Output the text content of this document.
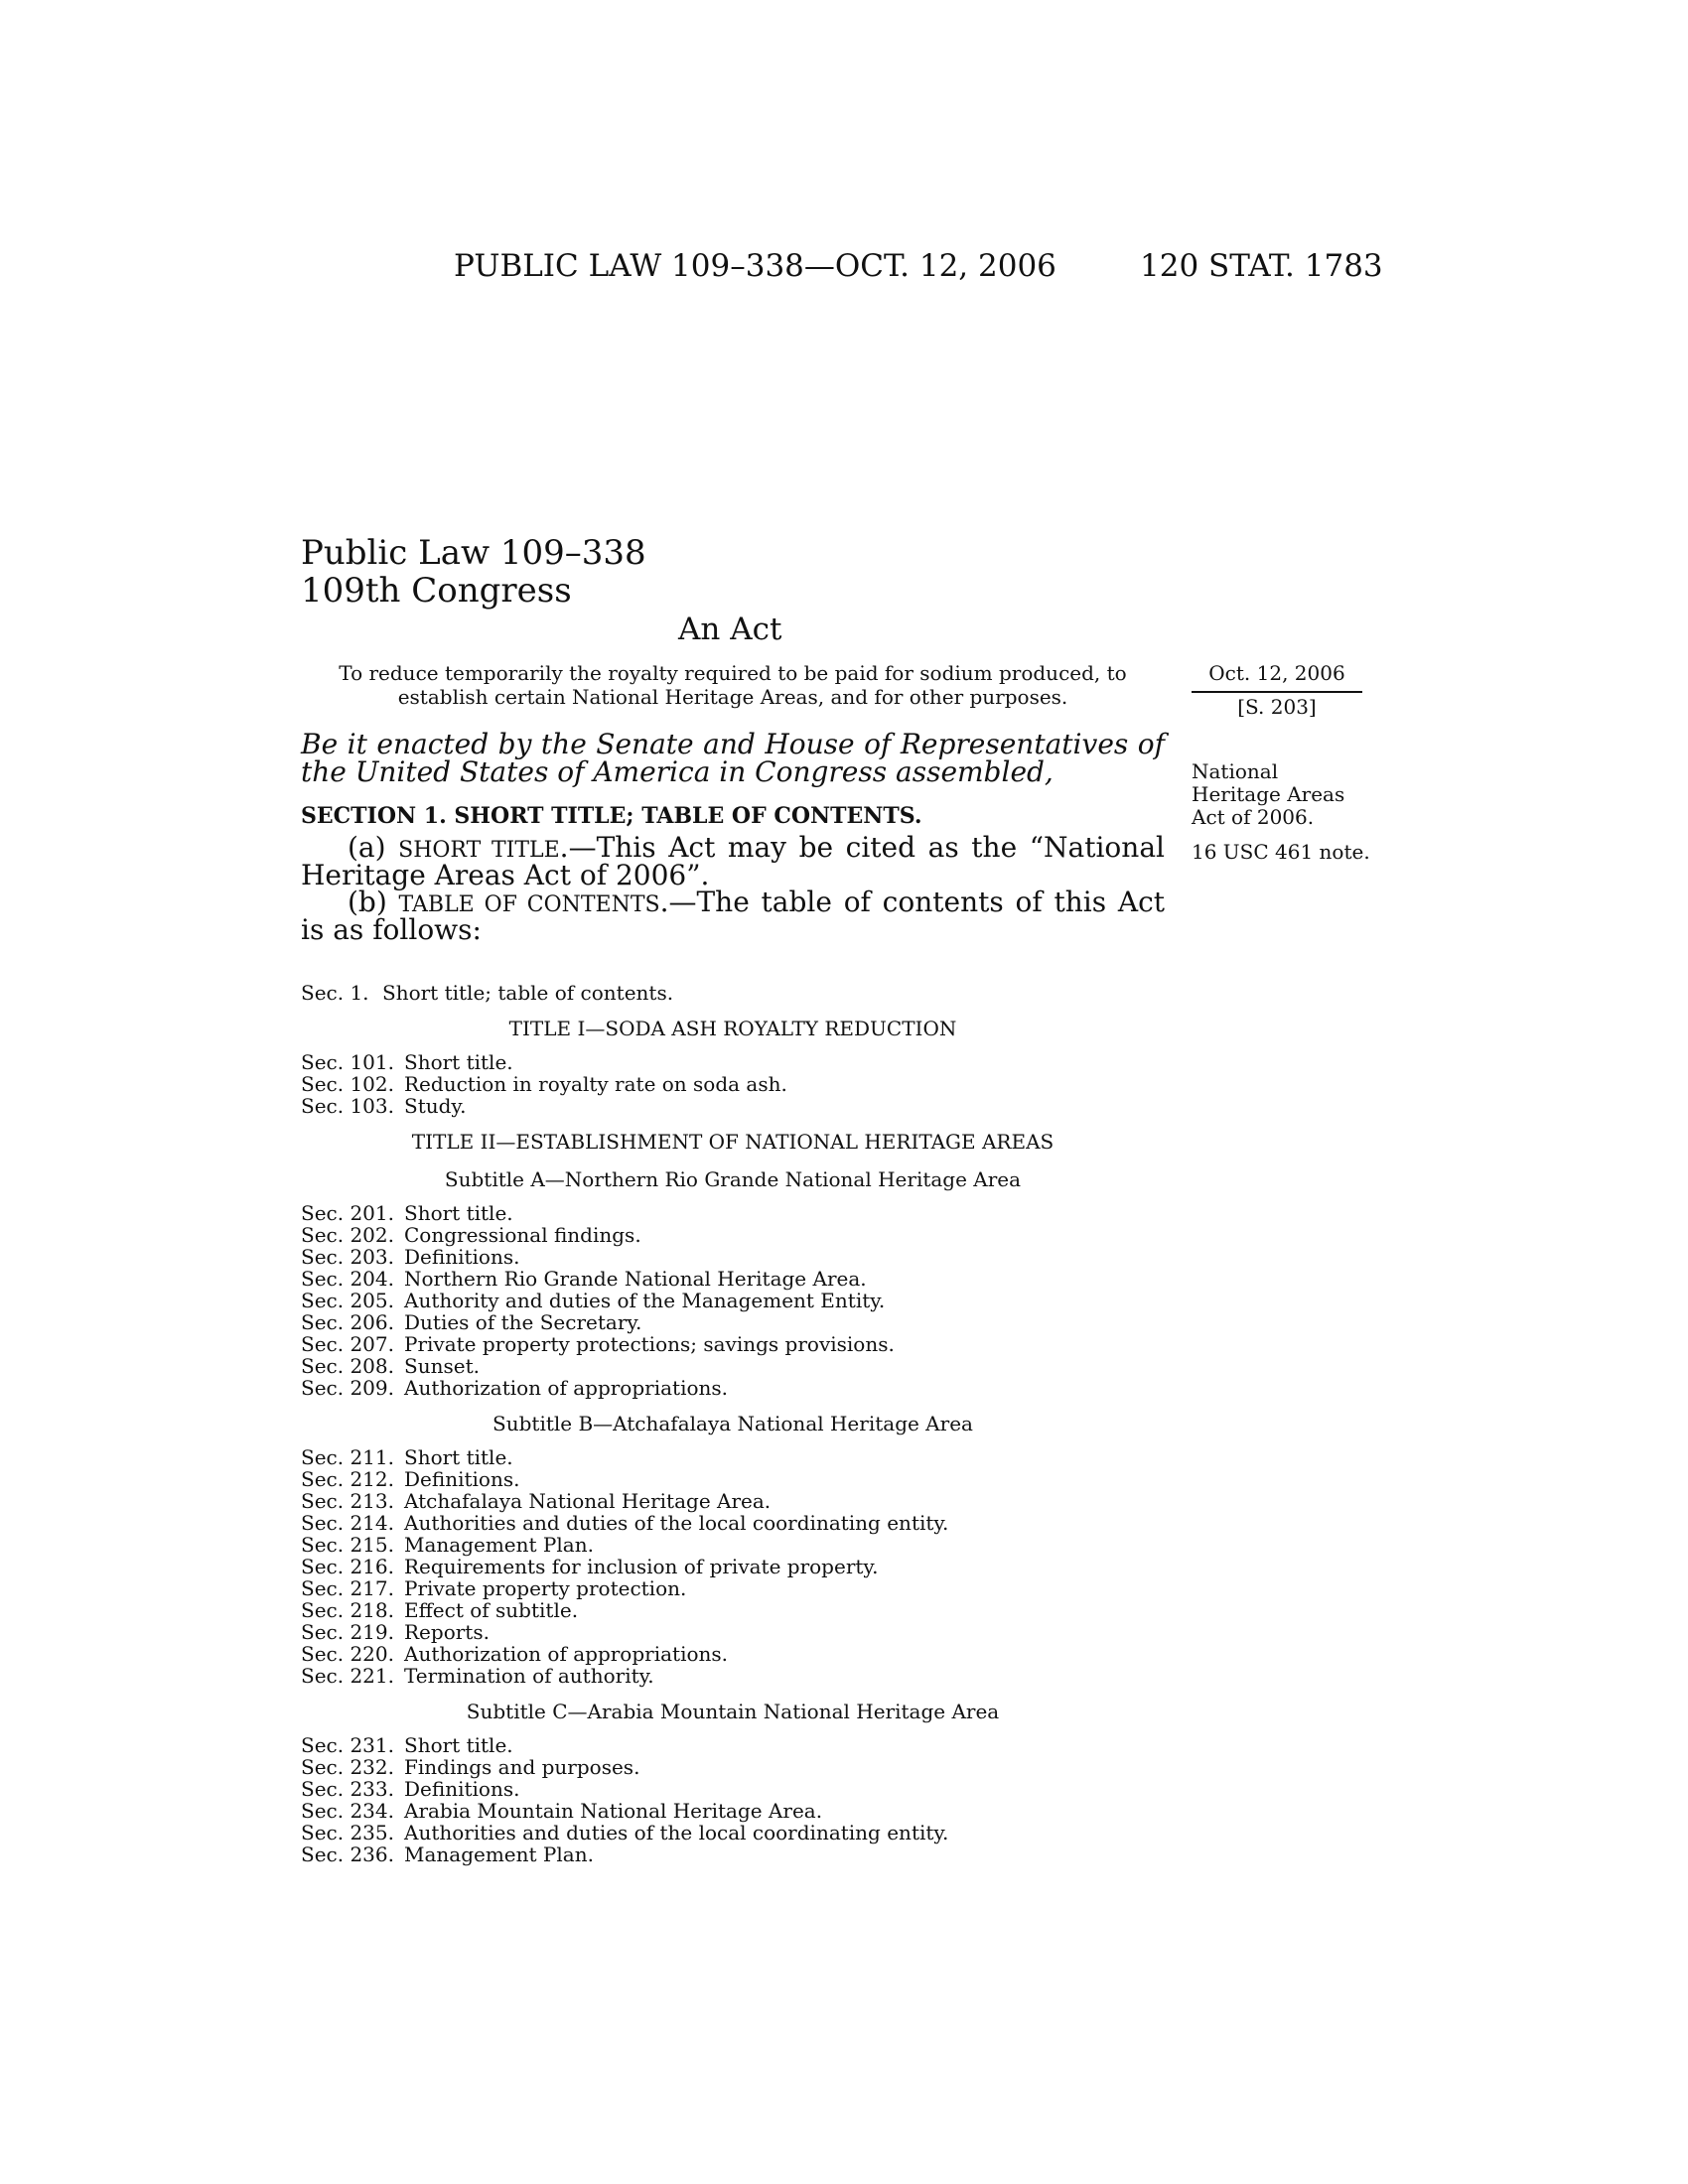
PUBLIC LAW 109–338—OCT. 12, 2006	120 STAT. 1783
Public Law 109–338
109th Congress
An Act
To reduce temporarily the royalty required to be paid for sodium produced, to
establish certain National Heritage Areas, and for other purposes.
Oct. 12, 2006
[S. 203]
National
Heritage Areas
Act of 2006.
16 USC 461 note.
Be it enacted by the Senate and House of Representatives of
the United States of America in Congress assembled,
SECTION 1. SHORT TITLE; TABLE OF CONTENTS.
(a) SHORT TITLE.—This Act may be cited as the “National
Heritage Areas Act of 2006”.
(b) TABLE OF CONTENTS.—The table of contents of this Act
is as follows:
Sec. 1. Short title; table of contents.
TITLE I—SODA ASH ROYALTY REDUCTION
Sec. 101. Short title.
Sec. 102. Reduction in royalty rate on soda ash.
Sec. 103. Study.
TITLE II—ESTABLISHMENT OF NATIONAL HERITAGE AREAS
Subtitle A—Northern Rio Grande National Heritage Area
Sec. 201. Short title.
Sec. 202. Congressional findings.
Sec. 203. Definitions.
Sec. 204. Northern Rio Grande National Heritage Area.
Sec. 205. Authority and duties of the Management Entity.
Sec. 206. Duties of the Secretary.
Sec. 207. Private property protections; savings provisions.
Sec. 208. Sunset.
Sec. 209. Authorization of appropriations.
Subtitle B—Atchafalaya National Heritage Area
Sec. 211. Short title.
Sec. 212. Definitions.
Sec. 213. Atchafalaya National Heritage Area.
Sec. 214. Authorities and duties of the local coordinating entity.
Sec. 215. Management Plan.
Sec. 216. Requirements for inclusion of private property.
Sec. 217. Private property protection.
Sec. 218. Effect of subtitle.
Sec. 219. Reports.
Sec. 220. Authorization of appropriations.
Sec. 221. Termination of authority.
Subtitle C—Arabia Mountain National Heritage Area
Sec. 231. Short title.
Sec. 232. Findings and purposes.
Sec. 233. Definitions.
Sec. 234. Arabia Mountain National Heritage Area.
Sec. 235. Authorities and duties of the local coordinating entity.
Sec. 236. Management Plan.
